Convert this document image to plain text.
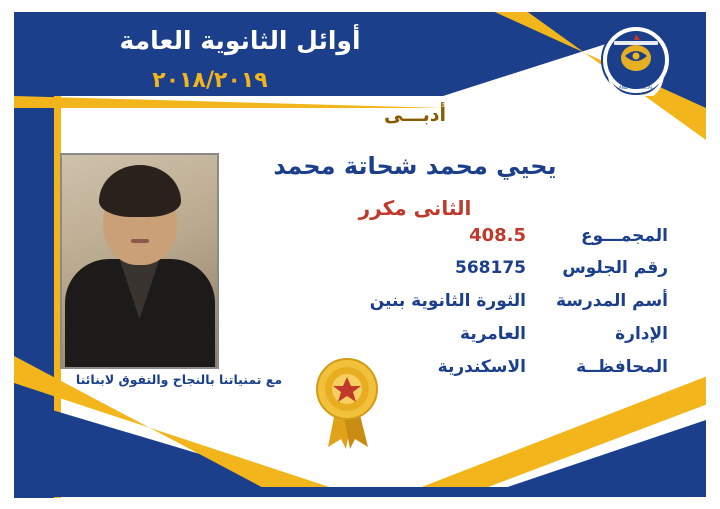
أوائل الثانوية العامة
٢٠١٨/٢٠١٩	MINISTRY OF
EDUCATION
AND TECHNICAL
مع تمنياتنا بالنجاح والتفوق لابنائنا
أدبـــى
يحيي محمد شحاتة محمد
الثانى مكرر
المجمـــوع
408.5
رقم الجلوس
568175
أسم المدرسة
الثورة الثانوية بنين
الإدارة
العامرية
المحافظــة
الاسكندرية
